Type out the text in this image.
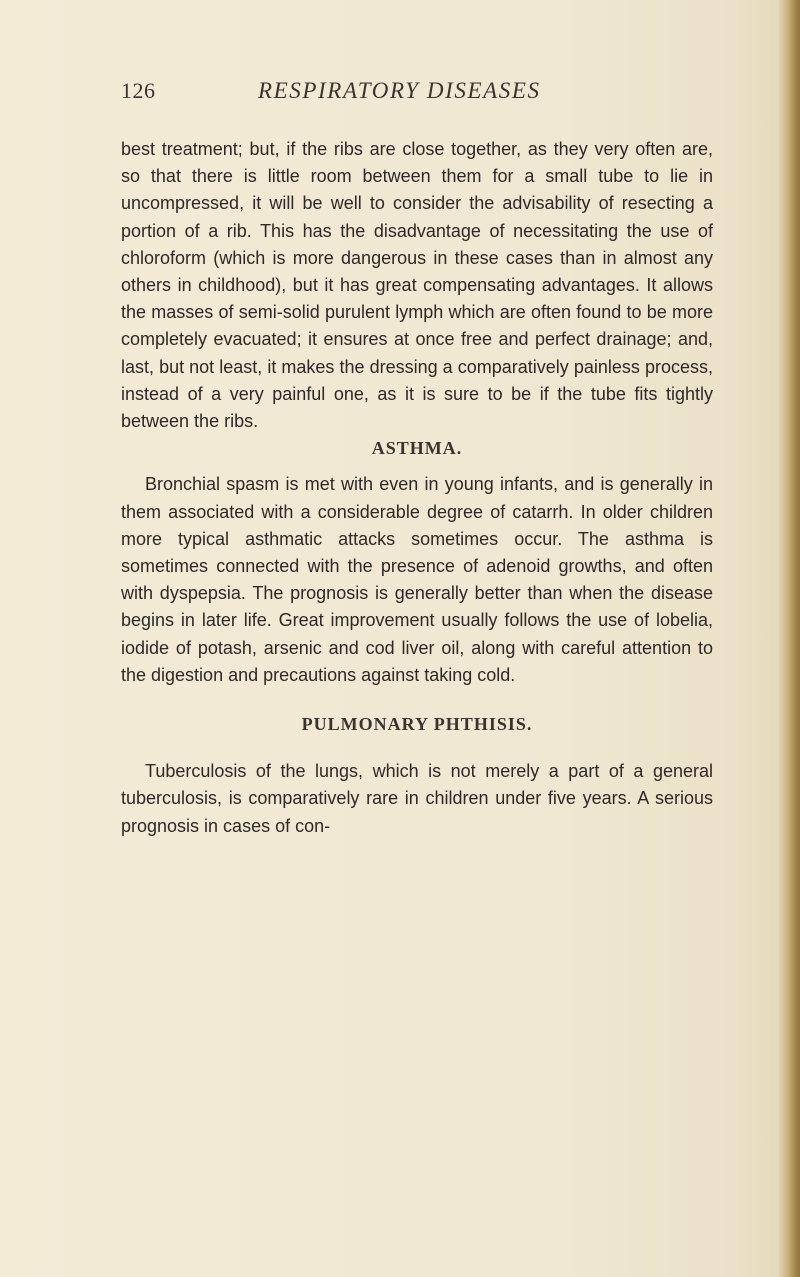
126	RESPIRATORY DISEASES

best treatment; but, if the ribs are close together, as they very often are, so that there is little room between them for a small tube to lie in uncompressed, it will be well to consider the advisability of resecting a portion of a rib. This has the disadvantage of necessitating the use of chloroform (which is more dangerous in these cases than in almost any others in childhood), but it has great compensating advantages. It allows the masses of semi-solid purulent lymph which are often found to be more completely evacuated; it ensures at once free and perfect drainage; and, last, but not least, it makes the dressing a comparatively painless process, instead of a very painful one, as it is sure to be if the tube fits tightly between the ribs.

ASTHMA.

Bronchial spasm is met with even in young infants, and is generally in them associated with a considerable degree of catarrh. In older children more typical asthmatic attacks sometimes occur. The asthma is sometimes connected with the presence of adenoid growths, and often with dyspepsia. The prognosis is generally better than when the disease begins in later life. Great improvement usually follows the use of lobelia, iodide of potash, arsenic and cod liver oil, along with careful attention to the digestion and precautions against taking cold.

PULMONARY PHTHISIS.

Tuberculosis of the lungs, which is not merely a part of a general tuberculosis, is comparatively rare in children under five years. A serious prognosis in cases of con-
